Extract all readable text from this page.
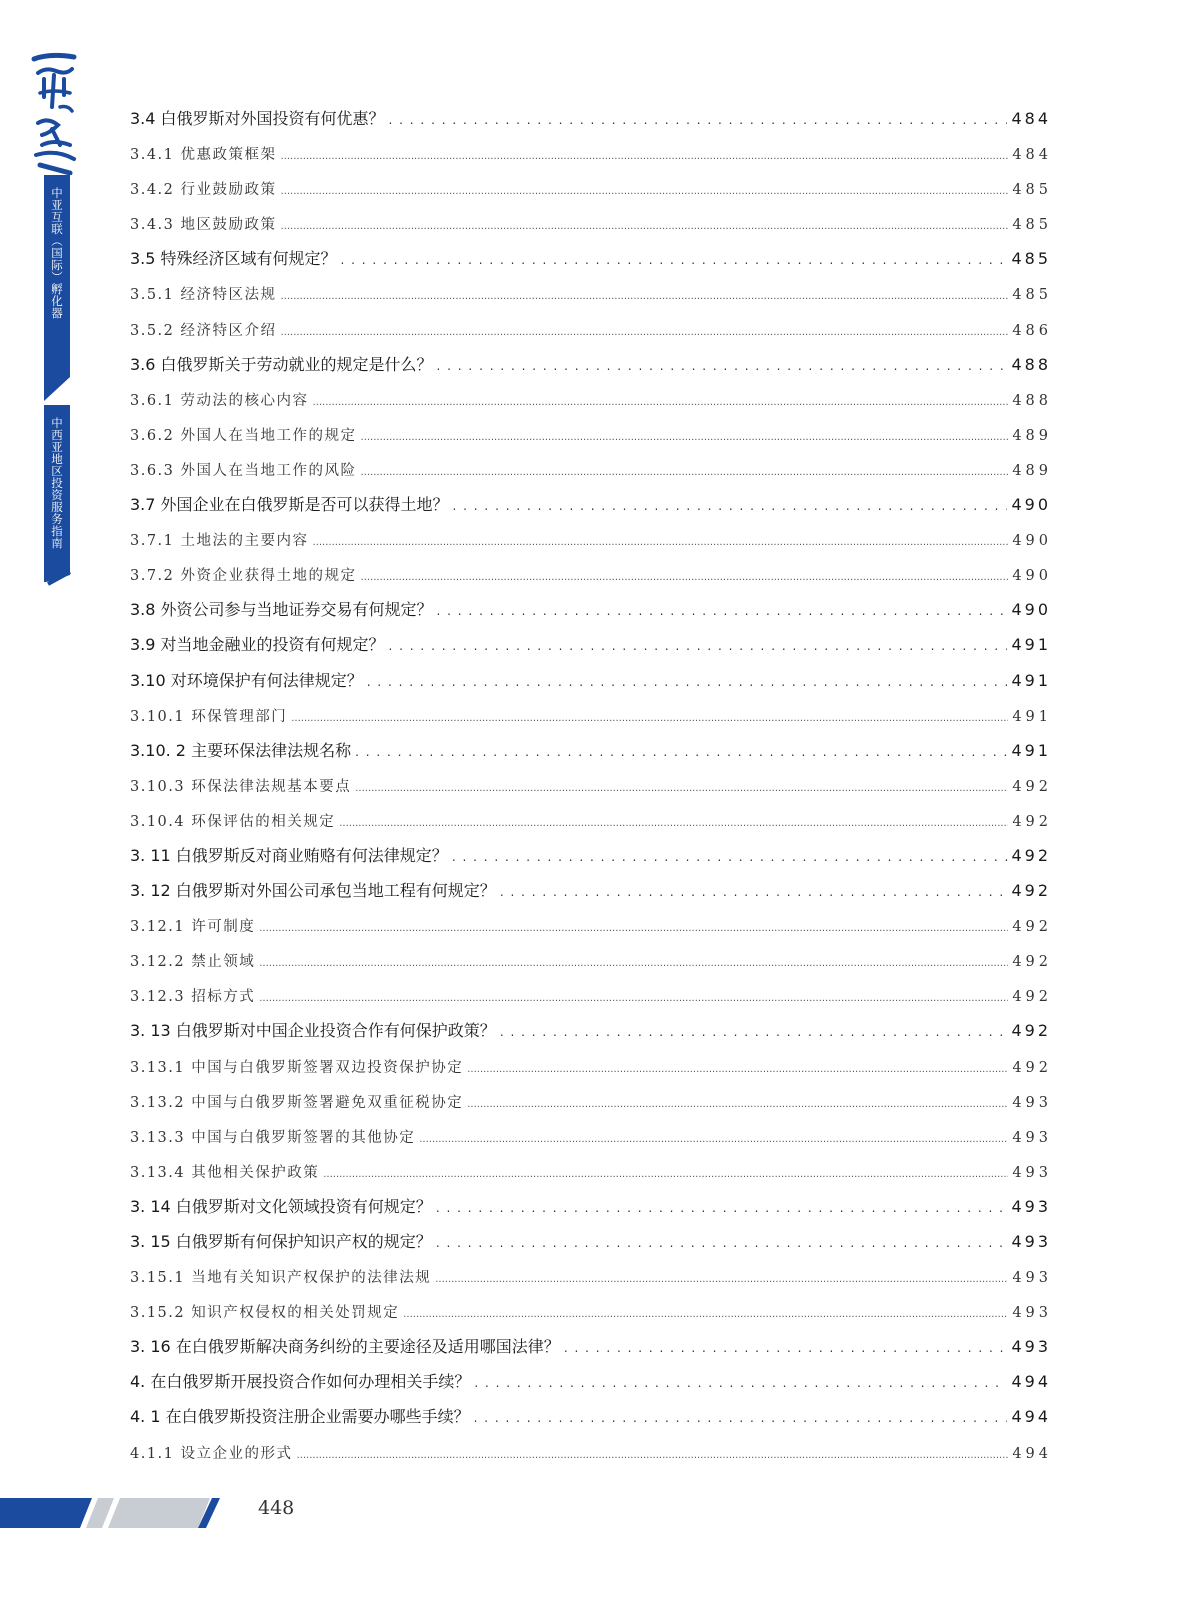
中亚互联（国际）孵化器
中西亚地区投资服务指南
3.4 白俄罗斯对外国投资有何优惠？ . . .	484
3.4.1 优惠政策框架 .....	484
3.4.2 行业鼓励政策 .....	485
3.4.3 地区鼓励政策 .....	485
3.5 特殊经济区域有何规定？ . . .	485
3.5.1 经济特区法规 .....	485
3.5.2 经济特区介绍 .....	486
3.6 白俄罗斯关于劳动就业的规定是什么？ . . .	488
3.6.1 劳动法的核心内容 .....	488
3.6.2 外国人在当地工作的规定 .....	489
3.6.3 外国人在当地工作的风险 .....	489
3.7 外国企业在白俄罗斯是否可以获得土地？ . . .	490
3.7.1 土地法的主要内容 .....	490
3.7.2 外资企业获得土地的规定 .....	490
3.8 外资公司参与当地证券交易有何规定？ . . .	490
3.9 对当地金融业的投资有何规定？ . . .	491
3.10 对环境保护有何法律规定？ . . .	491
3.10.1 环保管理部门 .....	491
3.10. 2 主要环保法律法规名称 . . .	491
3.10.3 环保法律法规基本要点 .....	492
3.10.4 环保评估的相关规定 .....	492
3. 11 白俄罗斯反对商业贿赂有何法律规定？ . . .	492
3. 12 白俄罗斯对外国公司承包当地工程有何规定？ . . .	492
3.12.1 许可制度 .....	492
3.12.2 禁止领域 .....	492
3.12.3 招标方式 .....	492
3. 13 白俄罗斯对中国企业投资合作有何保护政策？ . . .	492
3.13.1 中国与白俄罗斯签署双边投资保护协定 .....	492
3.13.2 中国与白俄罗斯签署避免双重征税协定 .....	493
3.13.3 中国与白俄罗斯签署的其他协定 .....	493
3.13.4 其他相关保护政策 .....	493
3. 14 白俄罗斯对文化领域投资有何规定？ . . .	493
3. 15 白俄罗斯有何保护知识产权的规定？ . . .	493
3.15.1 当地有关知识产权保护的法律法规 .....	493
3.15.2 知识产权侵权的相关处罚规定 .....	493
3. 16 在白俄罗斯解决商务纠纷的主要途径及适用哪国法律？ . . .	493
4. 在白俄罗斯开展投资合作如何办理相关手续？ . . .	494
4. 1 在白俄罗斯投资注册企业需要办哪些手续？ . . .	494
4.1.1 设立企业的形式 .....	494
448
